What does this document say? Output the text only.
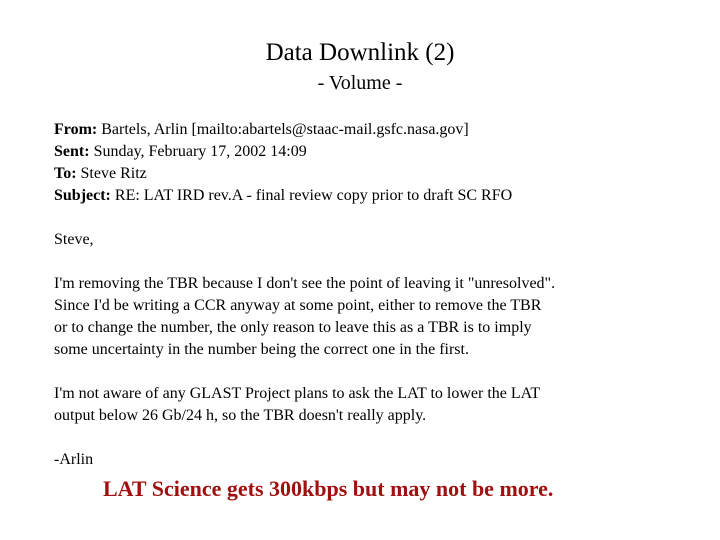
Data Downlink (2)
- Volume -
From: Bartels, Arlin [mailto:abartels@staac-mail.gsfc.nasa.gov]
Sent: Sunday, February 17, 2002 14:09
To: Steve Ritz
Subject: RE: LAT IRD rev.A - final review copy prior to draft SC RFO
Steve,
I'm removing the TBR because I don't see the point of leaving it "unresolved".
Since I'd be writing a CCR anyway at some point, either to remove the TBR
or to change the number, the only reason to leave this as a TBR is to imply
some uncertainty in the number being the correct one in the first.
I'm not aware of any GLAST Project plans to ask the LAT to lower the LAT
output below 26 Gb/24 h, so the TBR doesn't really apply.
-Arlin
LAT Science gets 300kbps but may not be more.
